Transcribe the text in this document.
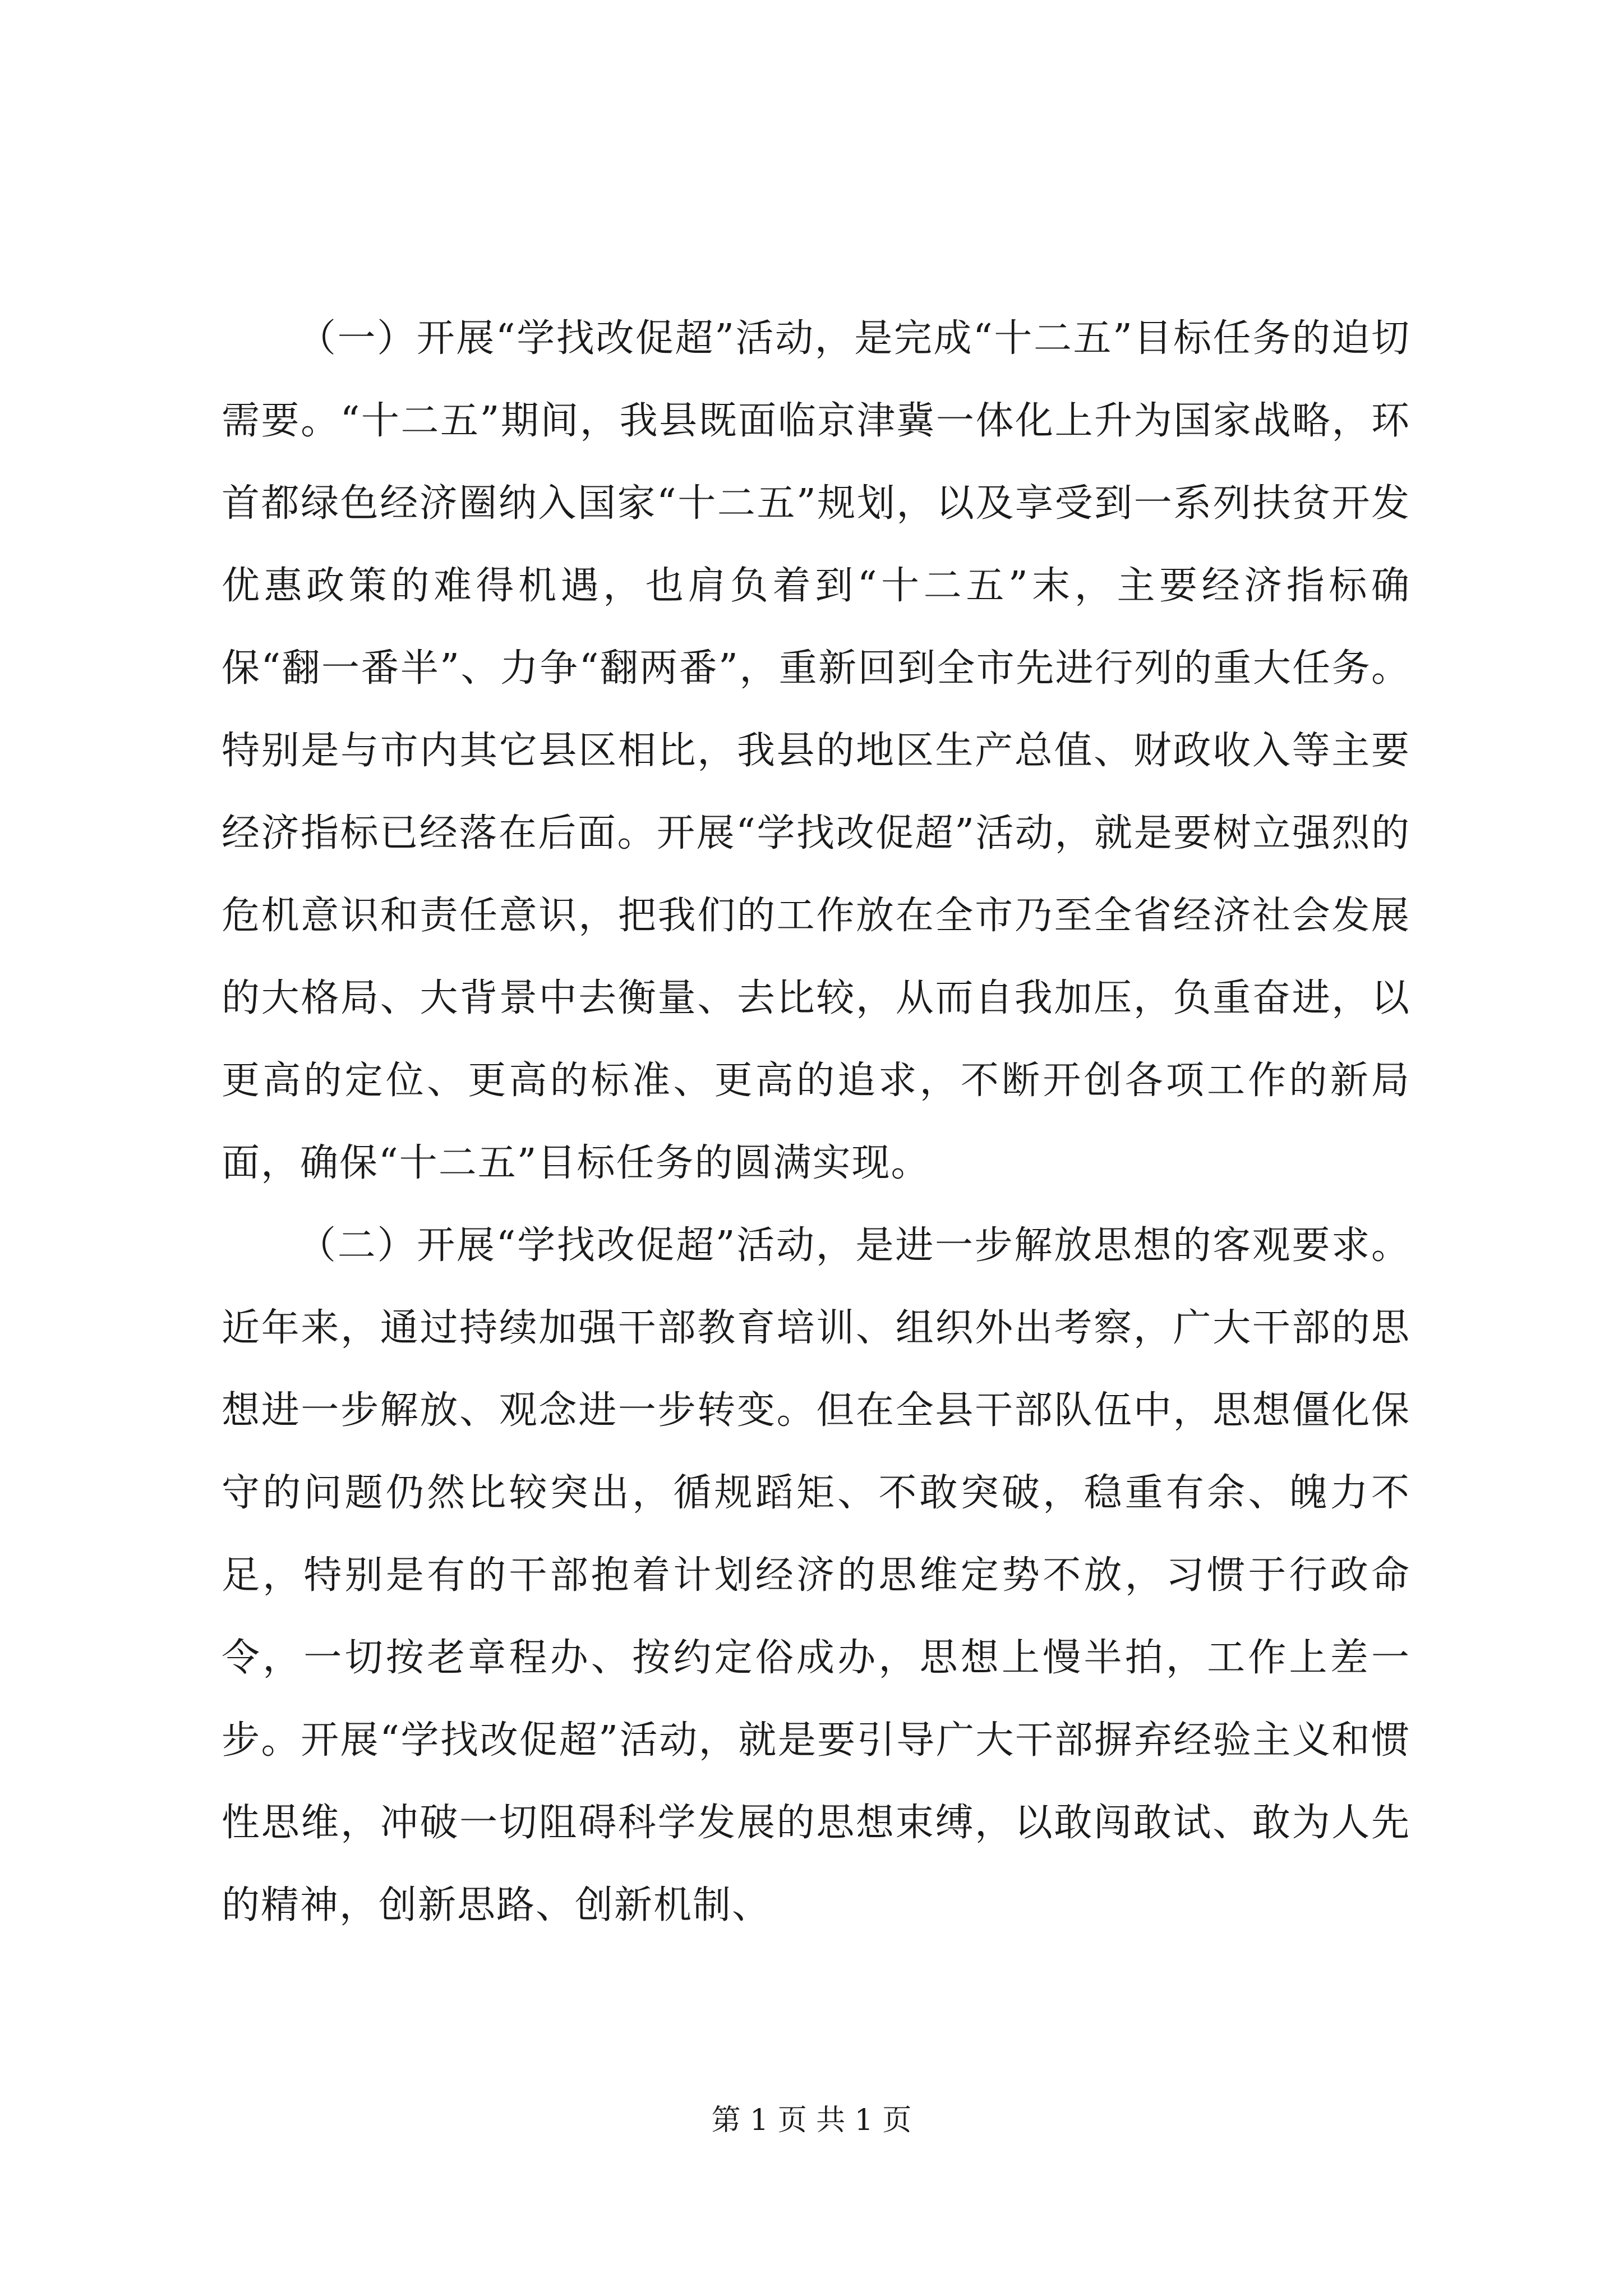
（一）开展“学找改促超”活动，是完成“十二五”目标任务的迫切需要。“十二五”期间，我县既面临京津冀一体化上升为国家战略，环首都绿色经济圈纳入国家“十二五”规划，以及享受到一系列扶贫开发优惠政策的难得机遇，也肩负着到“十二五”末，主要经济指标确保“翻一番半”、力争“翻两番”，重新回到全市先进行列的重大任务。特别是与市内其它县区相比，我县的地区生产总值、财政收入等主要经济指标已经落在后面。开展“学找改促超”活动，就是要树立强烈的危机意识和责任意识，把我们的工作放在全市乃至全省经济社会发展的大格局、大背景中去衡量、去比较，从而自我加压，负重奋进，以更高的定位、更高的标准、更高的追求，不断开创各项工作的新局面，确保“十二五”目标任务的圆满实现。

（二）开展“学找改促超”活动，是进一步解放思想的客观要求。近年来，通过持续加强干部教育培训、组织外出考察，广大干部的思想进一步解放、观念进一步转变。但在全县干部队伍中，思想僵化保守的问题仍然比较突出，循规蹈矩、不敢突破，稳重有余、魄力不足，特别是有的干部抱着计划经济的思维定势不放，习惯于行政命令，一切按老章程办、按约定俗成办，思想上慢半拍，工作上差一步。开展“学找改促超”活动，就是要引导广大干部摒弃经验主义和惯性思维，冲破一切阻碍科学发展的思想束缚，以敢闯敢试、敢为人先的精神，创新思路、创新机制、

第 1 页 共 1 页
